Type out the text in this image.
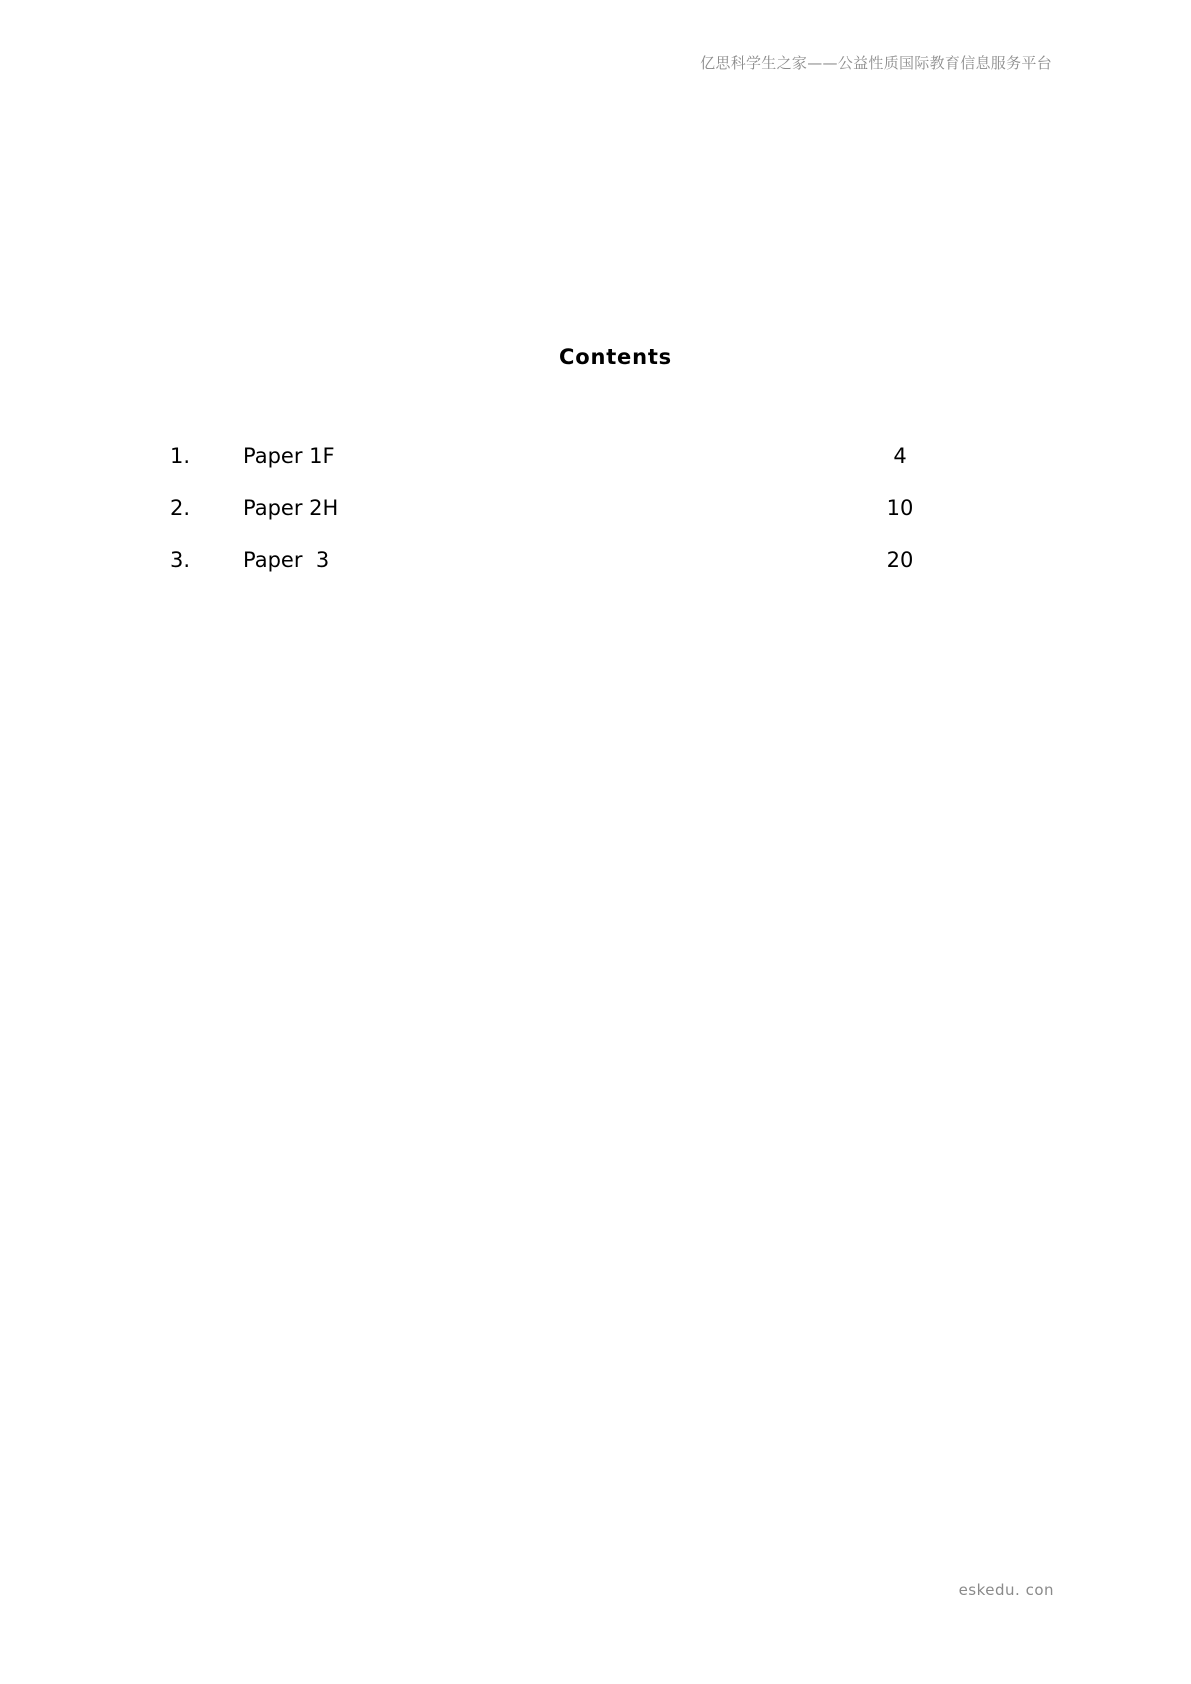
亿思科学生之家——公益性质国际教育信息服务平台
Contents
1.	Paper 1F	4
2.	Paper 2H	10
3.	Paper  3	20
eskedu. con
